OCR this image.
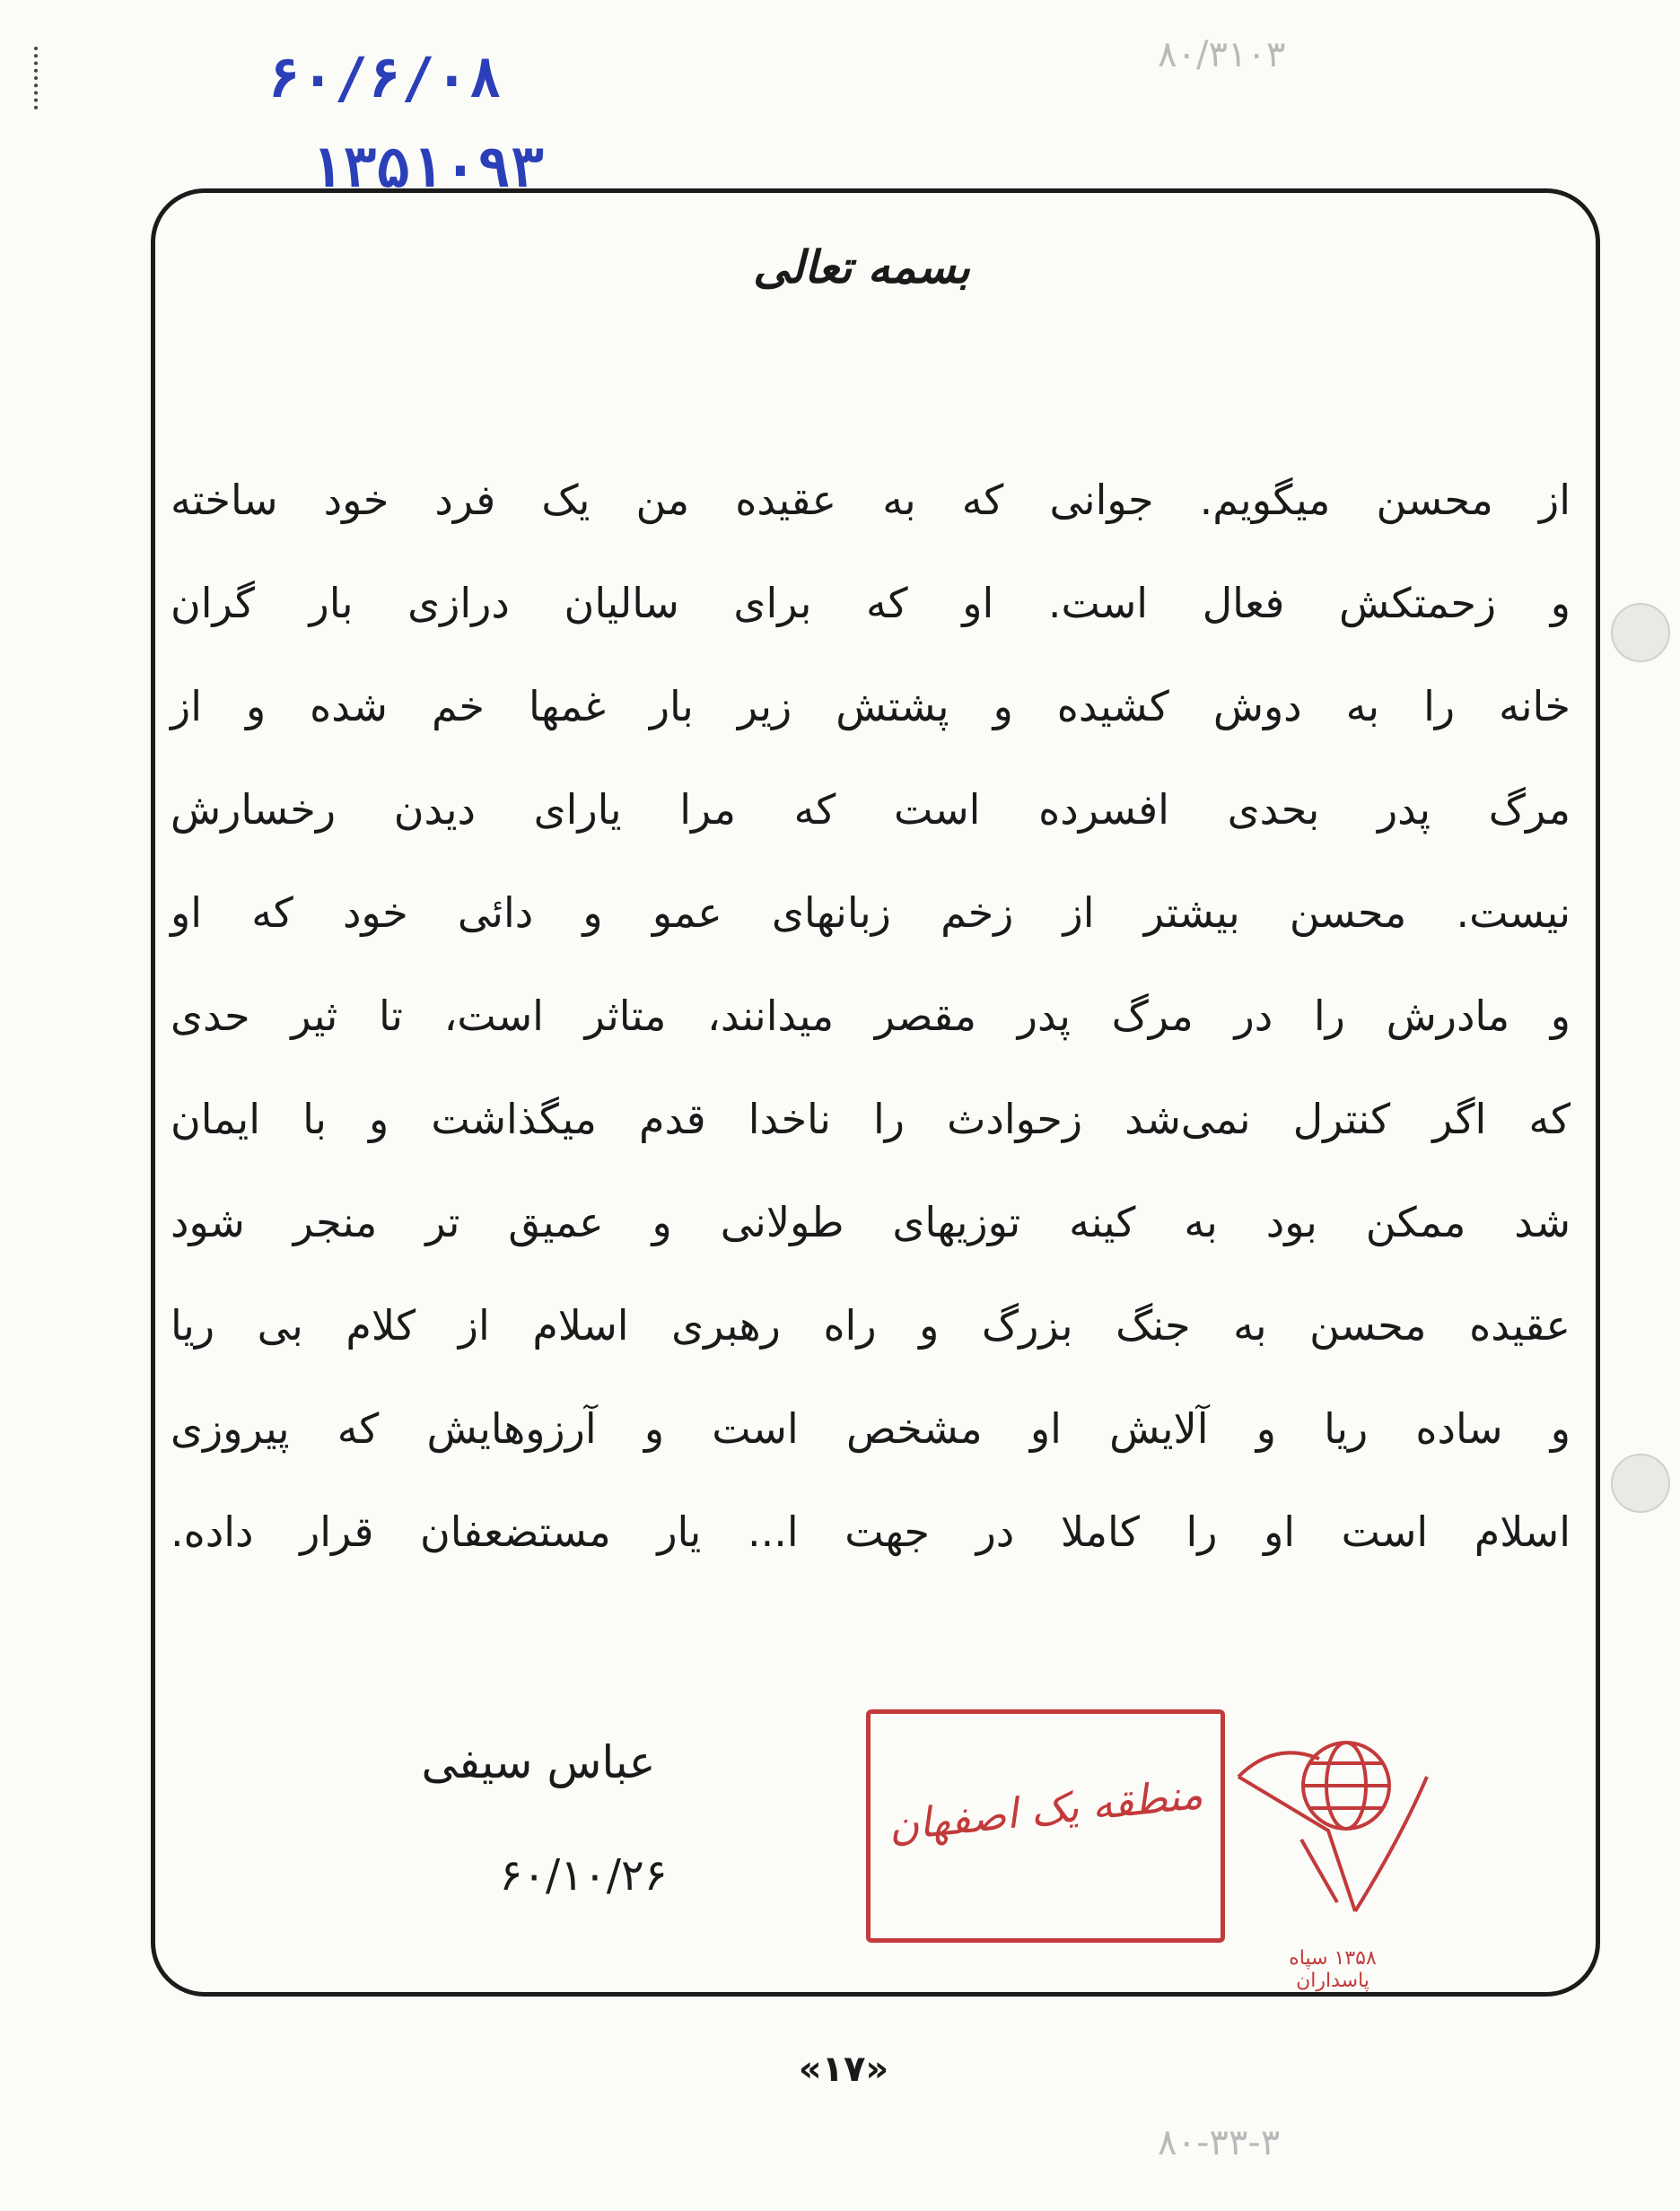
۸۰/۳۱۰۳
۸۰-۳۳-۳
۶۰/۶/۰۸
۱۳۵۱۰۹۳
بسمه تعالی
از محسن میگویم. جوانی که به عقیده من یک فرد خود ساخته
و زحمتکش فعال است. او که برای سالیان درازی بار گران
خانه را به دوش کشیده و پشتش زیر بار غمها خم شده و از
مرگ پدر بحدی افسرده است که مرا یارای دیدن رخسارش
نیست. محسن بیشتر از زخم زبانهای عمو و دائی خود که او
و مادرش را در مرگ پدر مقصر میدانند، متاثر است، تا ثیر حدی
که اگر کنترل نمی‌شد زحوادث را ناخدا قدم میگذاشت و با ایمان
شد ممکن بود به کینه توزیهای طولانی و عمیق تر منجر شود
عقیده محسن به جنگ بزرگ و راه رهبری اسلام از کلام بی ریا
و ساده ریا و آلایش او مشخص است و آرزوهایش که پیروزی
اسلام است او را کاملا در جهت ا... یار مستضعفان قرار داده.
عباس سیفی
۶۰/۱۰/۲۶
منطقه یک اصفهان
۱۳۵۸ سپاه پاسداران
«۱۷»
